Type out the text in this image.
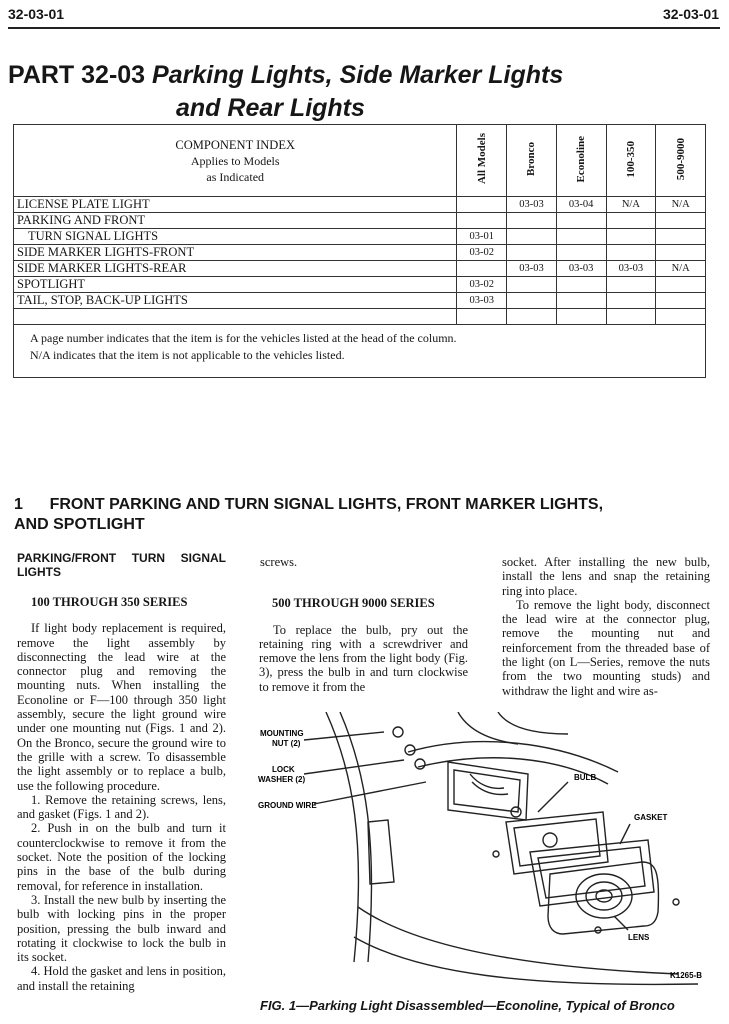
32-03-01	32-03-01
PART 32-03 Parking Lights, Side Marker Lights
and Rear Lights
COMPONENT INDEX
Applies to Models
as Indicated	All Models	Bronco	Econoline	100-350	500-9000
LICENSE PLATE LIGHT		03-03	03-04	N/A	N/A
PARKING AND FRONT					
TURN SIGNAL LIGHTS	03-01				
SIDE MARKER LIGHTS-FRONT	03-02				
SIDE MARKER LIGHTS-REAR		03-03	03-03	03-03	N/A
SPOTLIGHT	03-02				
TAIL, STOP, BACK-UP LIGHTS	03-03				

A page number indicates that the item is for the vehicles listed at the head of the column.
N/A indicates that the item is not applicable to the vehicles listed.
1      FRONT PARKING AND TURN SIGNAL LIGHTS, FRONT MARKER LIGHTS,
AND SPOTLIGHT
PARKING/FRONT TURN SIGNAL LIGHTS
100 THROUGH 350 SERIES

If light body replacement is required, remove the light assembly by disconnecting the lead wire at the connector plug and removing the mounting nuts. When installing the Econoline or F—100 through 350 light assembly, secure the light ground wire under one mounting nut (Figs. 1 and 2). On the Bronco, secure the ground wire to the grille with a screw. To disassemble the light assembly or to replace a bulb, use the following procedure.

1. Remove the retaining screws, lens, and gasket (Figs. 1 and 2).

2. Push in on the bulb and turn it counterclockwise to remove it from the socket. Note the position of the locking pins in the base of the bulb during removal, for reference in installation.

3. Install the new bulb by inserting the bulb with locking pins in the proper position, pressing the bulb inward and rotating it clockwise to lock the bulb in its socket.

4. Hold the gasket and lens in position, and install the retaining

screws.
500 THROUGH 9000 SERIES

To replace the bulb, pry out the retaining ring with a screwdriver and remove the lens from the light body (Fig. 3), press the bulb in and turn clockwise to remove it from the

socket. After installing the new bulb, install the lens and snap the retaining ring into place.

To remove the light body, disconnect the lead wire at the connector plug, remove the mounting nut and reinforcement from the threaded base of the light (on L—Series, remove the nuts from the two mounting studs) and withdraw the light and wire as-

MOUNTING
NUT (2)
LOCK
WASHER (2)
GROUND WIRE
BULB
GASKET
LENS
K1265-B
FIG. 1—Parking Light Disassembled—Econoline, Typical of Bronco
